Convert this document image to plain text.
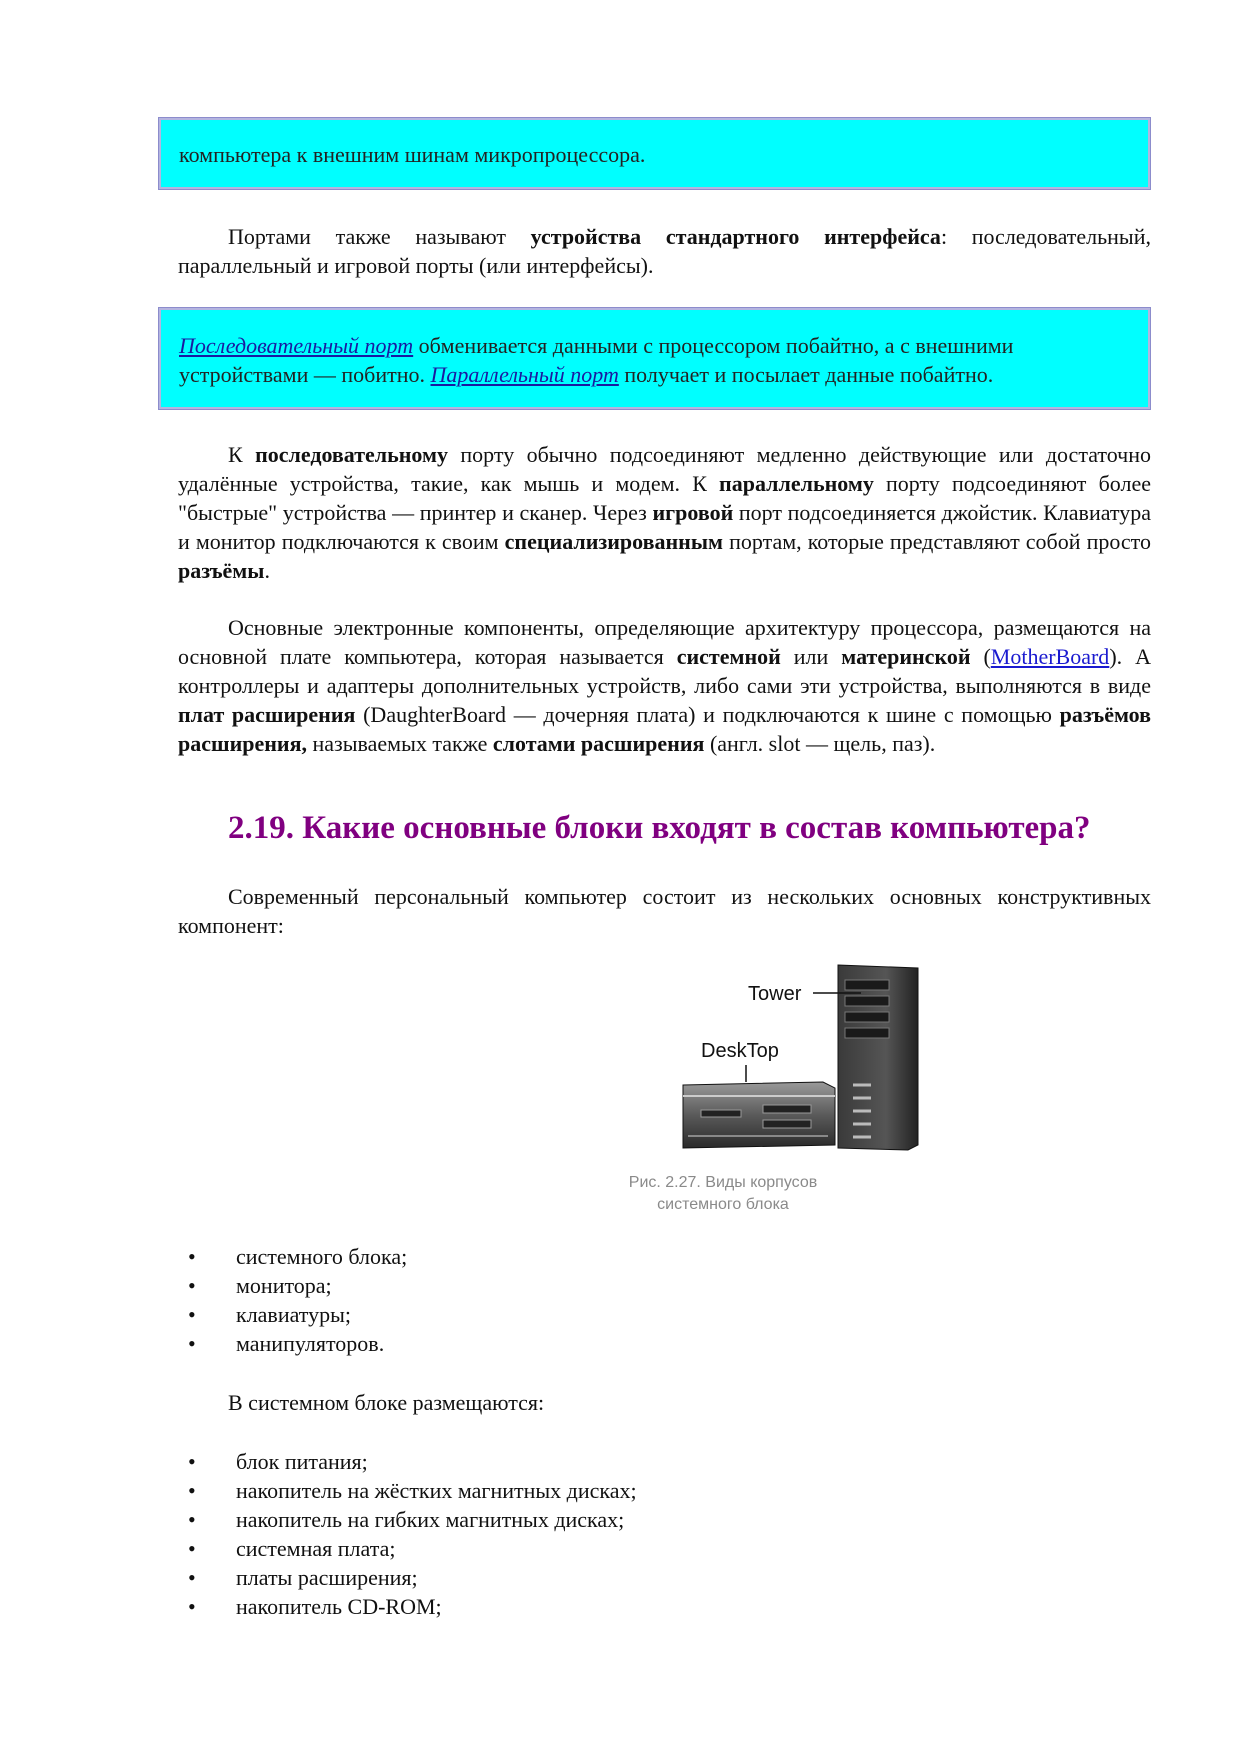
компьютера к внешним шинам микропроцессора.

Портами также называют устройства стандартного интерфейса: последовательный, параллельный и игровой порты (или интерфейсы).

Последовательный порт обменивается данными с процессором побайтно, а с внешними устройствами — побитно. Параллельный порт получает и посылает данные побайтно.

К последовательному порту обычно подсоединяют медленно действующие или достаточно удалённые устройства, такие, как мышь и модем. К параллельному порту подсоединяют более "быстрые" устройства — принтер и сканер. Через игровой порт подсоединяется джойстик. Клавиатура и монитор подключаются к своим специализированным портам, которые представляют собой просто разъёмы.

Основные электронные компоненты, определяющие архитектуру процессора, размещаются на основной плате компьютера, которая называется системной или материнской (MotherBoard). А контроллеры и адаптеры дополнительных устройств, либо сами эти устройства, выполняются в виде плат расширения (DaughterBoard — дочерняя плата) и подключаются к шине с помощью разъёмов расширения, называемых также слотами расширения (англ. slot — щель, паз).

2.19. Какие основные блоки входят в состав компьютера?

Современный персональный компьютер состоит из нескольких основных конструктивных компонент:

Tower
DeskTop
Рис. 2.27. Виды корпусов
системного блока
• системного блока;
• монитора;
• клавиатуры;
• манипуляторов.

В системном блоке размещаются:

• блок питания;
• накопитель на жёстких магнитных дисках;
• накопитель на гибких магнитных дисках;
• системная плата;
• платы расширения;
• накопитель CD-ROM;
